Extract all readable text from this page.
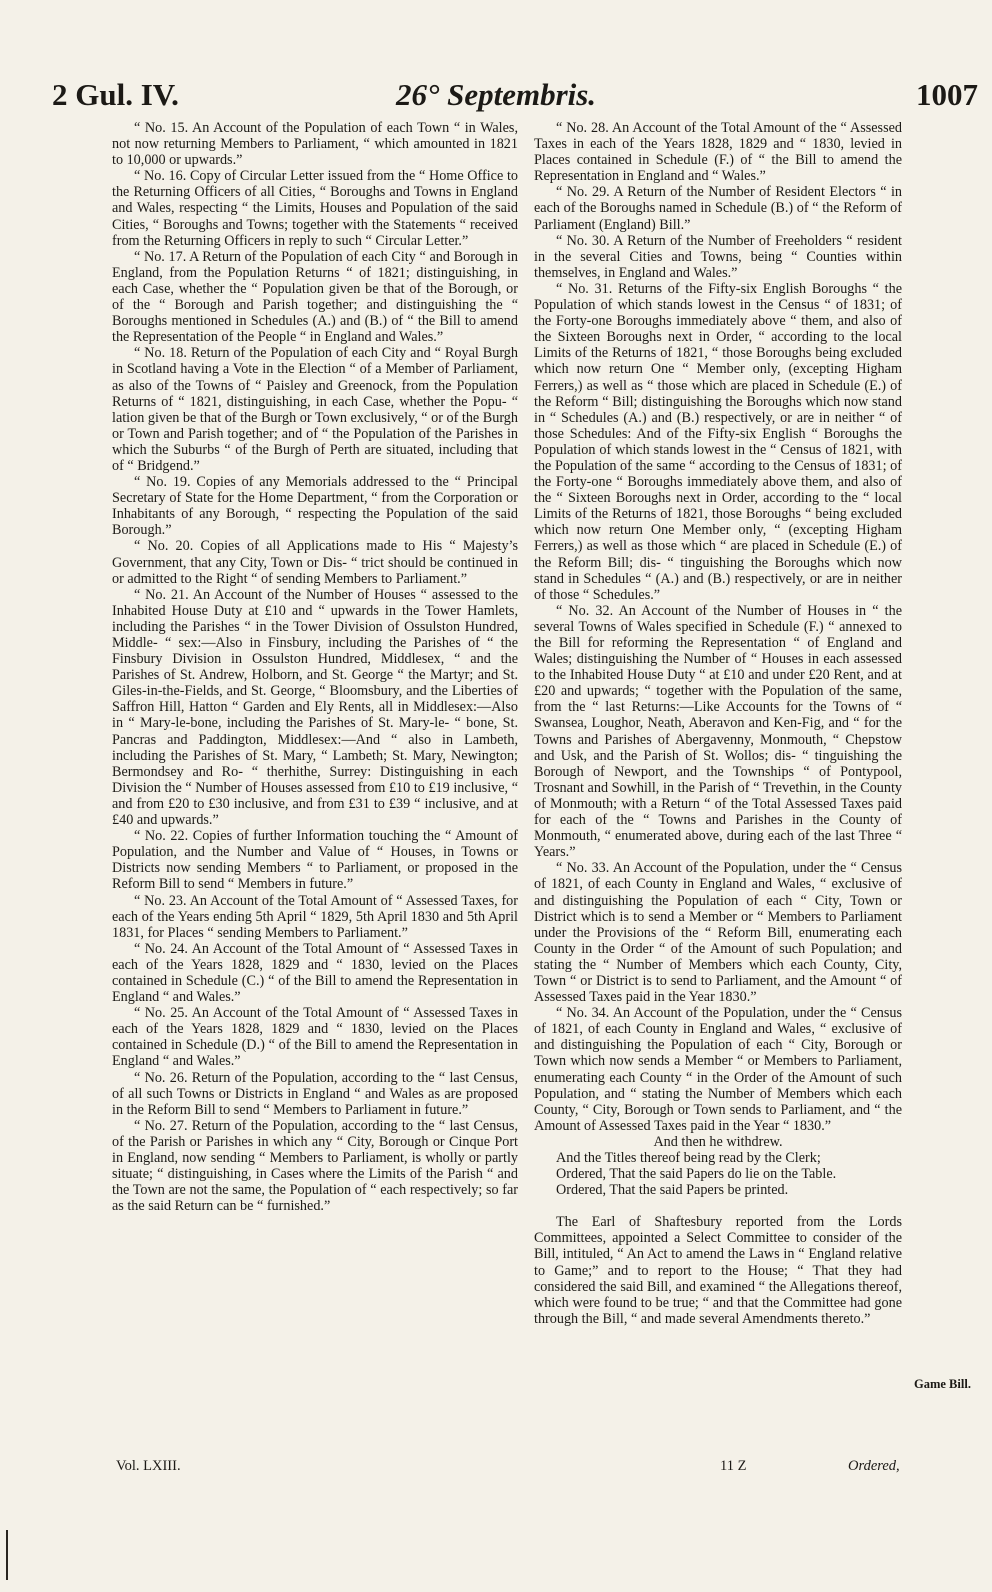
2 Gul. IV.	26° Septembris.	1007

“ No. 15. An Account of the Population of each Town “ in Wales, not now returning Members to Parliament, “ which amounted in 1821 to 10,000 or upwards.”

“ No. 16. Copy of Circular Letter issued from the “ Home Office to the Returning Officers of all Cities, “ Boroughs and Towns in England and Wales, respecting “ the Limits, Houses and Population of the said Cities, “ Boroughs and Towns; together with the Statements “ received from the Returning Officers in reply to such “ Circular Letter.”

“ No. 17. A Return of the Population of each City “ and Borough in England, from the Population Returns “ of 1821; distinguishing, in each Case, whether the “ Population given be that of the Borough, or of the “ Borough and Parish together; and distinguishing the “ Boroughs mentioned in Schedules (A.) and (B.) of “ the Bill to amend the Representation of the People “ in England and Wales.”

“ No. 18. Return of the Population of each City and “ Royal Burgh in Scotland having a Vote in the Election “ of a Member of Parliament, as also of the Towns of “ Paisley and Greenock, from the Population Returns of “ 1821, distinguishing, in each Case, whether the Popu- “ lation given be that of the Burgh or Town exclusively, “ or of the Burgh or Town and Parish together; and of “ the Population of the Parishes in which the Suburbs “ of the Burgh of Perth are situated, including that of “ Bridgend.”

“ No. 19. Copies of any Memorials addressed to the “ Principal Secretary of State for the Home Department, “ from the Corporation or Inhabitants of any Borough, “ respecting the Population of the said Borough.”

“ No. 20. Copies of all Applications made to His “ Majesty’s Government, that any City, Town or Dis- “ trict should be continued in or admitted to the Right “ of sending Members to Parliament.”

“ No. 21. An Account of the Number of Houses “ assessed to the Inhabited House Duty at £10 and “ upwards in the Tower Hamlets, including the Parishes “ in the Tower Division of Ossulston Hundred, Middle- “ sex:—Also in Finsbury, including the Parishes of “ the Finsbury Division in Ossulston Hundred, Middlesex, “ and the Parishes of St. Andrew, Holborn, and St. George “ the Martyr; and St. Giles-in-the-Fields, and St. George, “ Bloomsbury, and the Liberties of Saffron Hill, Hatton “ Garden and Ely Rents, all in Middlesex:—Also in “ Mary-le-bone, including the Parishes of St. Mary-le- “ bone, St. Pancras and Paddington, Middlesex:—And “ also in Lambeth, including the Parishes of St. Mary, “ Lambeth; St. Mary, Newington; Bermondsey and Ro- “ therhithe, Surrey: Distinguishing in each Division the “ Number of Houses assessed from £10 to £19 inclusive, “ and from £20 to £30 inclusive, and from £31 to £39 “ inclusive, and at £40 and upwards.”

“ No. 22. Copies of further Information touching the “ Amount of Population, and the Number and Value of “ Houses, in Towns or Districts now sending Members “ to Parliament, or proposed in the Reform Bill to send “ Members in future.”

“ No. 23. An Account of the Total Amount of “ Assessed Taxes, for each of the Years ending 5th April “ 1829, 5th April 1830 and 5th April 1831, for Places “ sending Members to Parliament.”

“ No. 24. An Account of the Total Amount of “ Assessed Taxes in each of the Years 1828, 1829 and “ 1830, levied on the Places contained in Schedule (C.) “ of the Bill to amend the Representation in England “ and Wales.”

“ No. 25. An Account of the Total Amount of “ Assessed Taxes in each of the Years 1828, 1829 and “ 1830, levied on the Places contained in Schedule (D.) “ of the Bill to amend the Representation in England “ and Wales.”

“ No. 26. Return of the Population, according to the “ last Census, of all such Towns or Districts in England “ and Wales as are proposed in the Reform Bill to send “ Members to Parliament in future.”

“ No. 27. Return of the Population, according to the “ last Census, of the Parish or Parishes in which any “ City, Borough or Cinque Port in England, now sending “ Members to Parliament, is wholly or partly situate; “ distinguishing, in Cases where the Limits of the Parish “ and the Town are not the same, the Population of “ each respectively; so far as the said Return can be “ furnished.”

“ No. 28. An Account of the Total Amount of the “ Assessed Taxes in each of the Years 1828, 1829 and “ 1830, levied in Places contained in Schedule (F.) of “ the Bill to amend the Representation in England and “ Wales.”

“ No. 29. A Return of the Number of Resident Electors “ in each of the Boroughs named in Schedule (B.) of “ the Reform of Parliament (England) Bill.”

“ No. 30. A Return of the Number of Freeholders “ resident in the several Cities and Towns, being “ Counties within themselves, in England and Wales.”

“ No. 31. Returns of the Fifty-six English Boroughs “ the Population of which stands lowest in the Census “ of 1831; of the Forty-one Boroughs immediately above “ them, and also of the Sixteen Boroughs next in Order, “ according to the local Limits of the Returns of 1821, “ those Boroughs being excluded which now return One “ Member only, (excepting Higham Ferrers,) as well as “ those which are placed in Schedule (E.) of the Reform “ Bill; distinguishing the Boroughs which now stand in “ Schedules (A.) and (B.) respectively, or are in neither “ of those Schedules: And of the Fifty-six English “ Boroughs the Population of which stands lowest in the “ Census of 1821, with the Population of the same “ according to the Census of 1831; of the Forty-one “ Boroughs immediately above them, and also of the “ Sixteen Boroughs next in Order, according to the “ local Limits of the Returns of 1821, those Boroughs “ being excluded which now return One Member only, “ (excepting Higham Ferrers,) as well as those which “ are placed in Schedule (E.) of the Reform Bill; dis- “ tinguishing the Boroughs which now stand in Schedules “ (A.) and (B.) respectively, or are in neither of those “ Schedules.”

“ No. 32. An Account of the Number of Houses in “ the several Towns of Wales specified in Schedule (F.) “ annexed to the Bill for reforming the Representation “ of England and Wales; distinguishing the Number of “ Houses in each assessed to the Inhabited House Duty “ at £10 and under £20 Rent, and at £20 and upwards; “ together with the Population of the same, from the “ last Returns:—Like Accounts for the Towns of “ Swansea, Loughor, Neath, Aberavon and Ken-Fig, and “ for the Towns and Parishes of Abergavenny, Monmouth, “ Chepstow and Usk, and the Parish of St. Wollos; dis- “ tinguishing the Borough of Newport, and the Townships “ of Pontypool, Trosnant and Sowhill, in the Parish of “ Trevethin, in the County of Monmouth; with a Return “ of the Total Assessed Taxes paid for each of the “ Towns and Parishes in the County of Monmouth, “ enumerated above, during each of the last Three “ Years.”

“ No. 33. An Account of the Population, under the “ Census of 1821, of each County in England and Wales, “ exclusive of and distinguishing the Population of each “ City, Town or District which is to send a Member or “ Members to Parliament under the Provisions of the “ Reform Bill, enumerating each County in the Order “ of the Amount of such Population; and stating the “ Number of Members which each County, City, Town “ or District is to send to Parliament, and the Amount “ of Assessed Taxes paid in the Year 1830.”

“ No. 34. An Account of the Population, under the “ Census of 1821, of each County in England and Wales, “ exclusive of and distinguishing the Population of each “ City, Borough or Town which now sends a Member “ or Members to Parliament, enumerating each County “ in the Order of the Amount of such Population, and “ stating the Number of Members which each County, “ City, Borough or Town sends to Parliament, and “ the Amount of Assessed Taxes paid in the Year “ 1830.”

And then he withdrew.

And the Titles thereof being read by the Clerk;

Ordered, That the said Papers do lie on the Table.

Ordered, That the said Papers be printed.

The Earl of Shaftesbury reported from the Lords Committees, appointed a Select Committee to consider of the Bill, intituled, “ An Act to amend the Laws in “ England relative to Game;” and to report to the House; “ That they had considered the said Bill, and examined “ the Allegations thereof, which were found to be true; “ and that the Committee had gone through the Bill, “ and made several Amendments thereto.”

Game Bill.
Vol. LXIII.	11 Z	Ordered,
